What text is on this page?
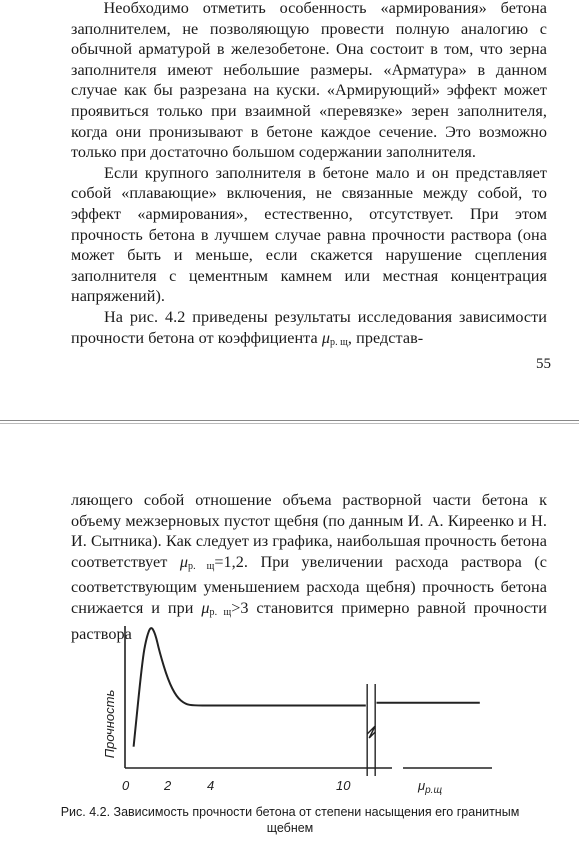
  Необходимо отметить особенность «армирования» бетона заполнителем, не позволяющую провести полную аналогию с обычной арматурой в железобетоне. Она состоит в том, что зерна заполнителя имеют небольшие размеры. «Арматура» в данном случае как бы разрезана на куски. «Армирующий» эффект может проявиться только при взаимной «перевязке» зерен заполнителя, когда они пронизывают в бетоне каждое сечение. Это возможно только при достаточно большом содержании заполнителя.

Если крупного заполнителя в бетоне мало и он представляет собой «плавающие» включения, не связанные между собой, то эффект «армирования», естественно, отсутствует. При этом прочность бетона в лучшем случае равна прочности раствора (она может быть и меньше, если скажется нарушение сцепления заполнителя с цементным камнем или местная концентрация напряжений).

На рис. 4.2 приведены результаты исследования зависимости прочности бетона от коэффициента $\mu_{р. щ}$, представ-

55

ляющего собой отношение объема растворной части бетона к объему межзерновых пустот щебня (по данным И. А. Киреенко и Н. И. Сытника). Как следует из графика, наибольшая прочность бетона соответствует $\mu_{р. щ}=1,2$. При увеличении расхода раствора (с соответствующим уменьшением расхода щебня) прочность бетона снижается и при $\mu_{р. щ}>3$ становится примерно равной прочности раствора

Прочность
0	2	4	10	$\mu_{р.щ}$
Рис. 4.2. Зависимость прочности бетона от степени насыщения его гранитным щебнем
